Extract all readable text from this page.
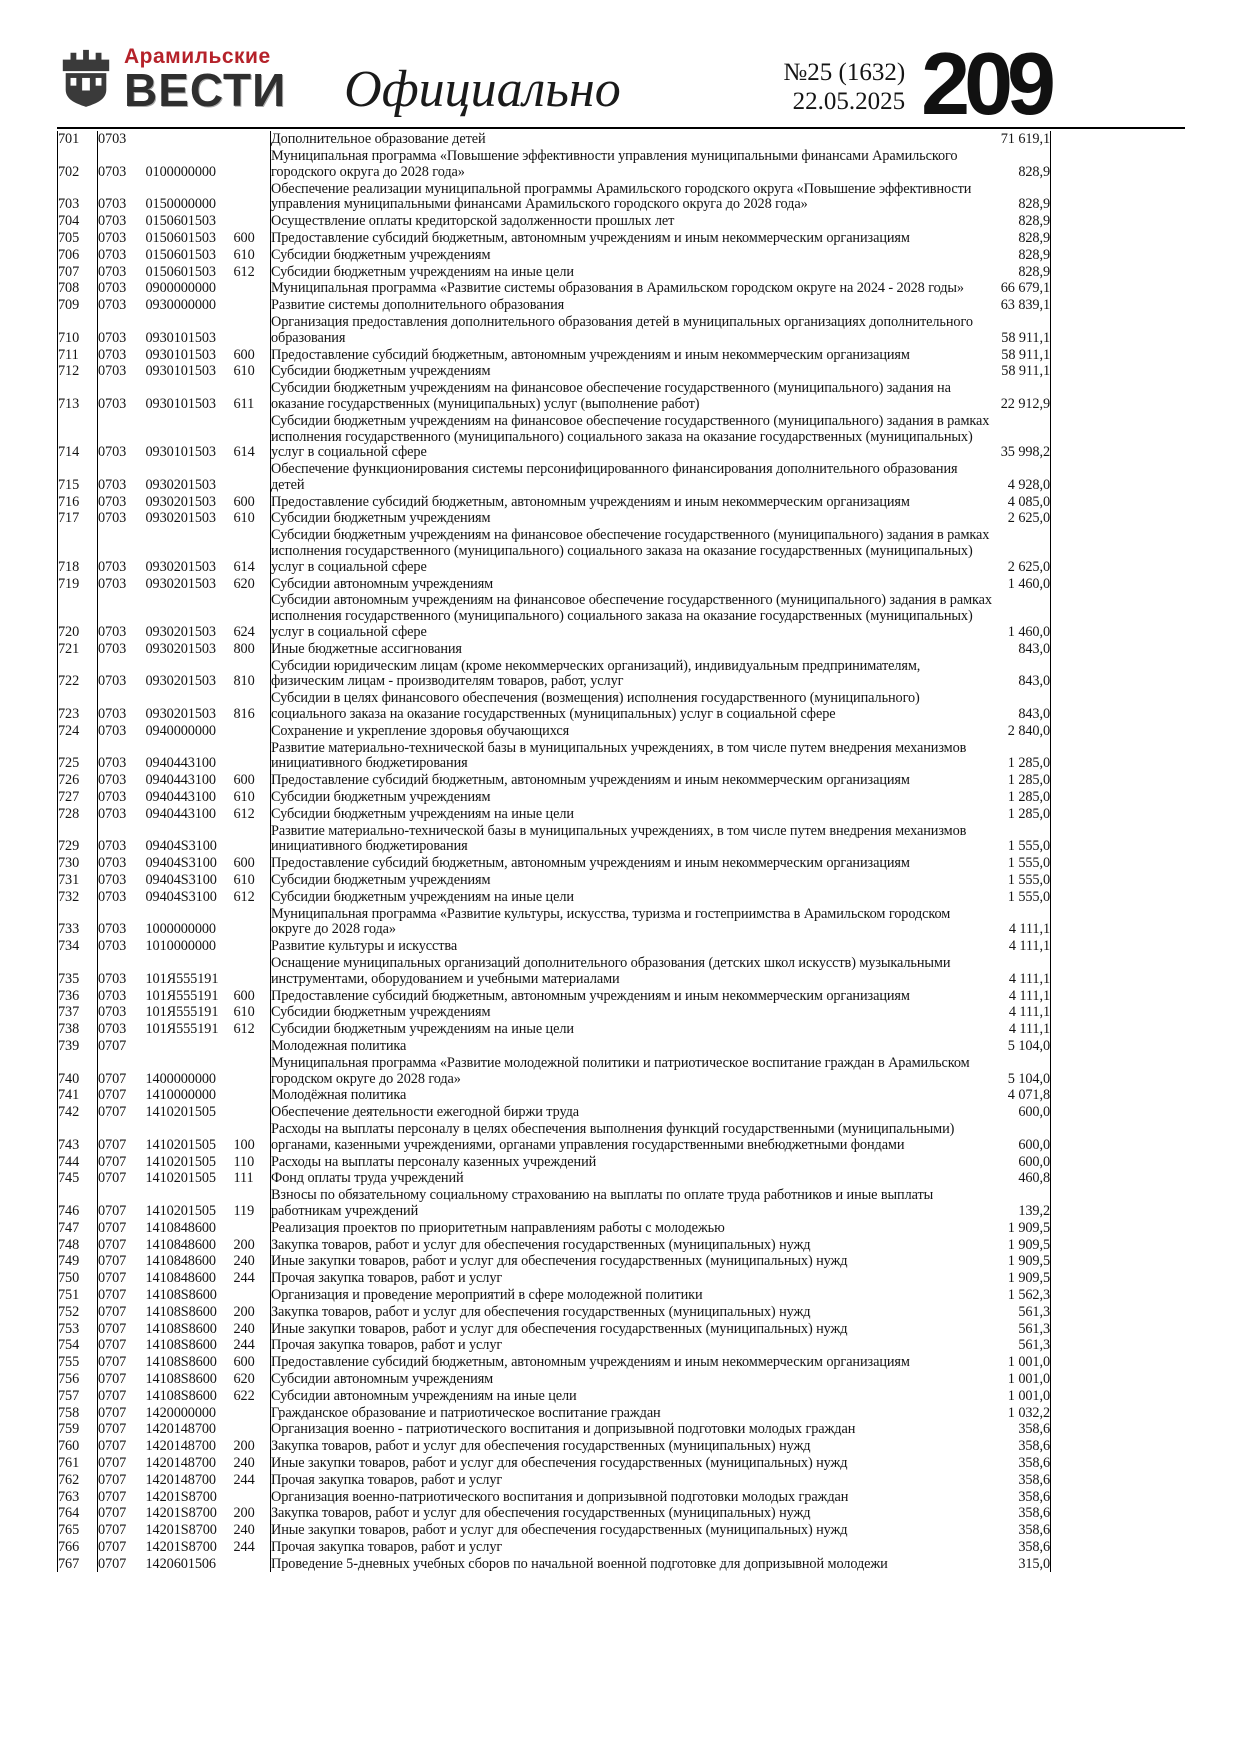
Арамильские
ВЕСТИ Официально	№25 (1632)
22.05.2025 209
701	0703			Дополнительное образование детей	71 619,1
702	0703	0100000000		Муниципальная программа «Повышение эффективности управления муниципальными финансами Арамильского городского округа до 2028 года»	828,9
703	0703	0150000000		Обеспечение реализации муниципальной программы Арамильского городского округа «Повышение эффективности управления муниципальными финансами Арамильского городского округа до 2028 года»	828,9
704	0703	0150601503		Осуществление оплаты кредиторской задолженности прошлых лет	828,9
705	0703	0150601503	600	Предоставление субсидий бюджетным, автономным учреждениям и иным некоммерческим организациям	828,9
706	0703	0150601503	610	Субсидии бюджетным учреждениям	828,9
707	0703	0150601503	612	Субсидии бюджетным учреждениям на иные цели	828,9
708	0703	0900000000		Муниципальная программа «Развитие системы образования в Арамильском городском округе на 2024 - 2028 годы»	66 679,1
709	0703	0930000000		Развитие системы дополнительного образования	63 839,1
710	0703	0930101503		Организация предоставления дополнительного образования детей в муниципальных организациях дополнительного образования	58 911,1
711	0703	0930101503	600	Предоставление субсидий бюджетным, автономным учреждениям и иным некоммерческим организациям	58 911,1
712	0703	0930101503	610	Субсидии бюджетным учреждениям	58 911,1
713	0703	0930101503	611	Субсидии бюджетным учреждениям на финансовое обеспечение государственного (муниципального) задания на оказание государственных (муниципальных) услуг (выполнение работ)	22 912,9
714	0703	0930101503	614	Субсидии бюджетным учреждениям на финансовое обеспечение государственного (муниципального) задания в рамках исполнения государственного (муниципального) социального заказа на оказание государственных (муниципальных) услуг в социальной сфере	35 998,2
715	0703	0930201503		Обеспечение функционирования системы персонифицированного финансирования дополнительного образования детей	4 928,0
716	0703	0930201503	600	Предоставление субсидий бюджетным, автономным учреждениям и иным некоммерческим организациям	4 085,0
717	0703	0930201503	610	Субсидии бюджетным учреждениям	2 625,0
718	0703	0930201503	614	Субсидии бюджетным учреждениям на финансовое обеспечение государственного (муниципального) задания в рамках исполнения государственного (муниципального) социального заказа на оказание государственных (муниципальных) услуг в социальной сфере	2 625,0
719	0703	0930201503	620	Субсидии автономным учреждениям	1 460,0
720	0703	0930201503	624	Субсидии автономным учреждениям на финансовое обеспечение государственного (муниципального) задания в рамках исполнения государственного (муниципального) социального заказа на оказание государственных (муниципальных) услуг в социальной сфере	1 460,0
721	0703	0930201503	800	Иные бюджетные ассигнования	843,0
722	0703	0930201503	810	Субсидии юридическим лицам (кроме некоммерческих организаций), индивидуальным предпринимателям, физическим лицам - производителям товаров, работ, услуг	843,0
723	0703	0930201503	816	Субсидии в целях финансового обеспечения (возмещения) исполнения государственного (муниципального) социального заказа на оказание государственных (муниципальных) услуг в социальной сфере	843,0
724	0703	0940000000		Сохранение и укрепление здоровья обучающихся	2 840,0
725	0703	0940443100		Развитие материально-технической базы в муниципальных учреждениях, в том числе путем внедрения механизмов инициативного бюджетирования	1 285,0
726	0703	0940443100	600	Предоставление субсидий бюджетным, автономным учреждениям и иным некоммерческим организациям	1 285,0
727	0703	0940443100	610	Субсидии бюджетным учреждениям	1 285,0
728	0703	0940443100	612	Субсидии бюджетным учреждениям на иные цели	1 285,0
729	0703	09404S3100		Развитие материально-технической базы в муниципальных учреждениях, в том числе путем внедрения механизмов инициативного бюджетирования	1 555,0
730	0703	09404S3100	600	Предоставление субсидий бюджетным, автономным учреждениям и иным некоммерческим организациям	1 555,0
731	0703	09404S3100	610	Субсидии бюджетным учреждениям	1 555,0
732	0703	09404S3100	612	Субсидии бюджетным учреждениям на иные цели	1 555,0
733	0703	1000000000		Муниципальная программа «Развитие культуры, искусства, туризма и гостеприимства в Арамильском городском округе до 2028 года»	4 111,1
734	0703	1010000000		Развитие культуры и искусства	4 111,1
735	0703	101Я555191		Оснащение муниципальных организаций дополнительного образования (детских школ искусств) музыкальными инструментами, оборудованием и учебными материалами	4 111,1
736	0703	101Я555191	600	Предоставление субсидий бюджетным, автономным учреждениям и иным некоммерческим организациям	4 111,1
737	0703	101Я555191	610	Субсидии бюджетным учреждениям	4 111,1
738	0703	101Я555191	612	Субсидии бюджетным учреждениям на иные цели	4 111,1
739	0707			Молодежная политика	5 104,0
740	0707	1400000000		Муниципальная программа «Развитие молодежной политики и патриотическое воспитание граждан в Арамильском городском округе до 2028 года»	5 104,0
741	0707	1410000000		Молодёжная политика	4 071,8
742	0707	1410201505		Обеспечение деятельности ежегодной биржи труда	600,0
743	0707	1410201505	100	Расходы на выплаты персоналу в целях обеспечения выполнения функций государственными (муниципальными) органами, казенными учреждениями, органами управления государственными внебюджетными фондами	600,0
744	0707	1410201505	110	Расходы на выплаты персоналу казенных учреждений	600,0
745	0707	1410201505	111	Фонд оплаты труда учреждений	460,8
746	0707	1410201505	119	Взносы по обязательному социальному страхованию на выплаты по оплате труда работников и иные выплаты работникам учреждений	139,2
747	0707	1410848600		Реализация проектов по приоритетным направлениям работы с молодежью	1 909,5
748	0707	1410848600	200	Закупка товаров, работ и услуг для обеспечения государственных (муниципальных) нужд	1 909,5
749	0707	1410848600	240	Иные закупки товаров, работ и услуг для обеспечения государственных (муниципальных) нужд	1 909,5
750	0707	1410848600	244	Прочая закупка товаров, работ и услуг	1 909,5
751	0707	14108S8600		Организация и проведение мероприятий в сфере молодежной политики	1 562,3
752	0707	14108S8600	200	Закупка товаров, работ и услуг для обеспечения государственных (муниципальных) нужд	561,3
753	0707	14108S8600	240	Иные закупки товаров, работ и услуг для обеспечения государственных (муниципальных) нужд	561,3
754	0707	14108S8600	244	Прочая закупка товаров, работ и услуг	561,3
755	0707	14108S8600	600	Предоставление субсидий бюджетным, автономным учреждениям и иным некоммерческим организациям	1 001,0
756	0707	14108S8600	620	Субсидии автономным учреждениям	1 001,0
757	0707	14108S8600	622	Субсидии автономным учреждениям на иные цели	1 001,0
758	0707	1420000000		Гражданское образование и патриотическое воспитание граждан	1 032,2
759	0707	1420148700		Организация военно - патриотического воспитания и допризывной подготовки молодых граждан	358,6
760	0707	1420148700	200	Закупка товаров, работ и услуг для обеспечения государственных (муниципальных) нужд	358,6
761	0707	1420148700	240	Иные закупки товаров, работ и услуг для обеспечения государственных (муниципальных) нужд	358,6
762	0707	1420148700	244	Прочая закупка товаров, работ и услуг	358,6
763	0707	14201S8700		Организация военно-патриотического воспитания и допризывной подготовки молодых граждан	358,6
764	0707	14201S8700	200	Закупка товаров, работ и услуг для обеспечения государственных (муниципальных) нужд	358,6
765	0707	14201S8700	240	Иные закупки товаров, работ и услуг для обеспечения государственных (муниципальных) нужд	358,6
766	0707	14201S8700	244	Прочая закупка товаров, работ и услуг	358,6
767	0707	1420601506		Проведение 5-дневных учебных сборов по начальной военной подготовке для допризывной молодежи	315,0
